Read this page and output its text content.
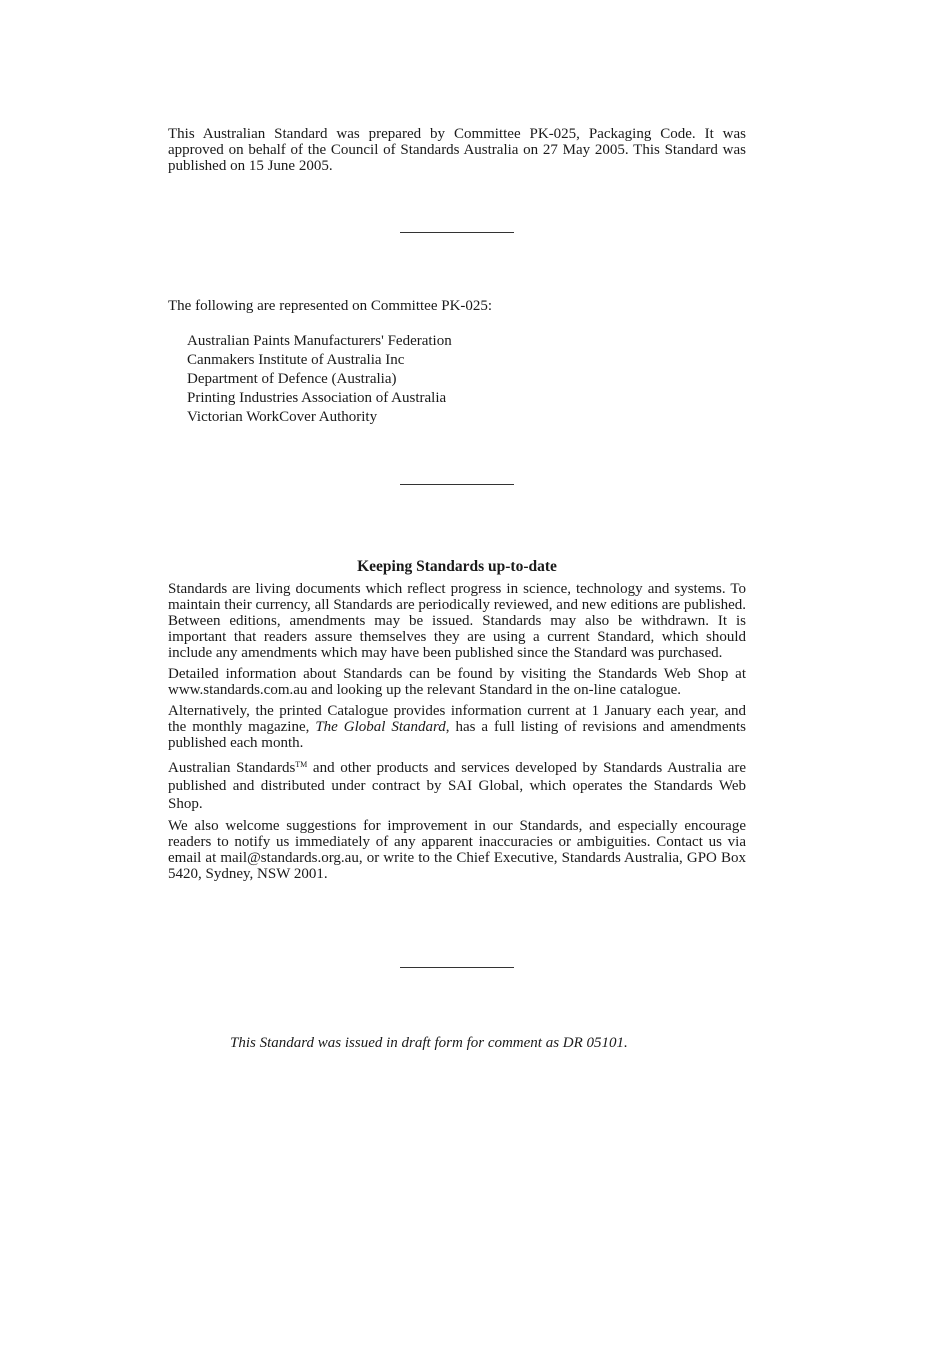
This Australian Standard was prepared by Committee PK-025, Packaging Code. It was approved on behalf of the Council of Standards Australia on 27 May 2005. This Standard was published on 15 June 2005.
The following are represented on Committee PK-025:
Australian Paints Manufacturers' Federation
Canmakers Institute of Australia Inc
Department of Defence (Australia)
Printing Industries Association of Australia
Victorian WorkCover Authority
Keeping Standards up-to-date

Standards are living documents which reflect progress in science, technology and systems. To maintain their currency, all Standards are periodically reviewed, and new editions are published. Between editions, amendments may be issued. Standards may also be withdrawn. It is important that readers assure themselves they are using a current Standard, which should include any amendments which may have been published since the Standard was purchased.

Detailed information about Standards can be found by visiting the Standards Web Shop at www.standards.com.au and looking up the relevant Standard in the on-line catalogue.

Alternatively, the printed Catalogue provides information current at 1 January each year, and the monthly magazine, The Global Standard, has a full listing of revisions and amendments published each month.

Australian Standards™ and other products and services developed by Standards Australia are published and distributed under contract by SAI Global, which operates the Standards Web Shop.

We also welcome suggestions for improvement in our Standards, and especially encourage readers to notify us immediately of any apparent inaccuracies or ambiguities. Contact us via email at mail@standards.org.au, or write to the Chief Executive, Standards Australia, GPO Box 5420, Sydney, NSW 2001.

This Standard was issued in draft form for comment as DR 05101.
